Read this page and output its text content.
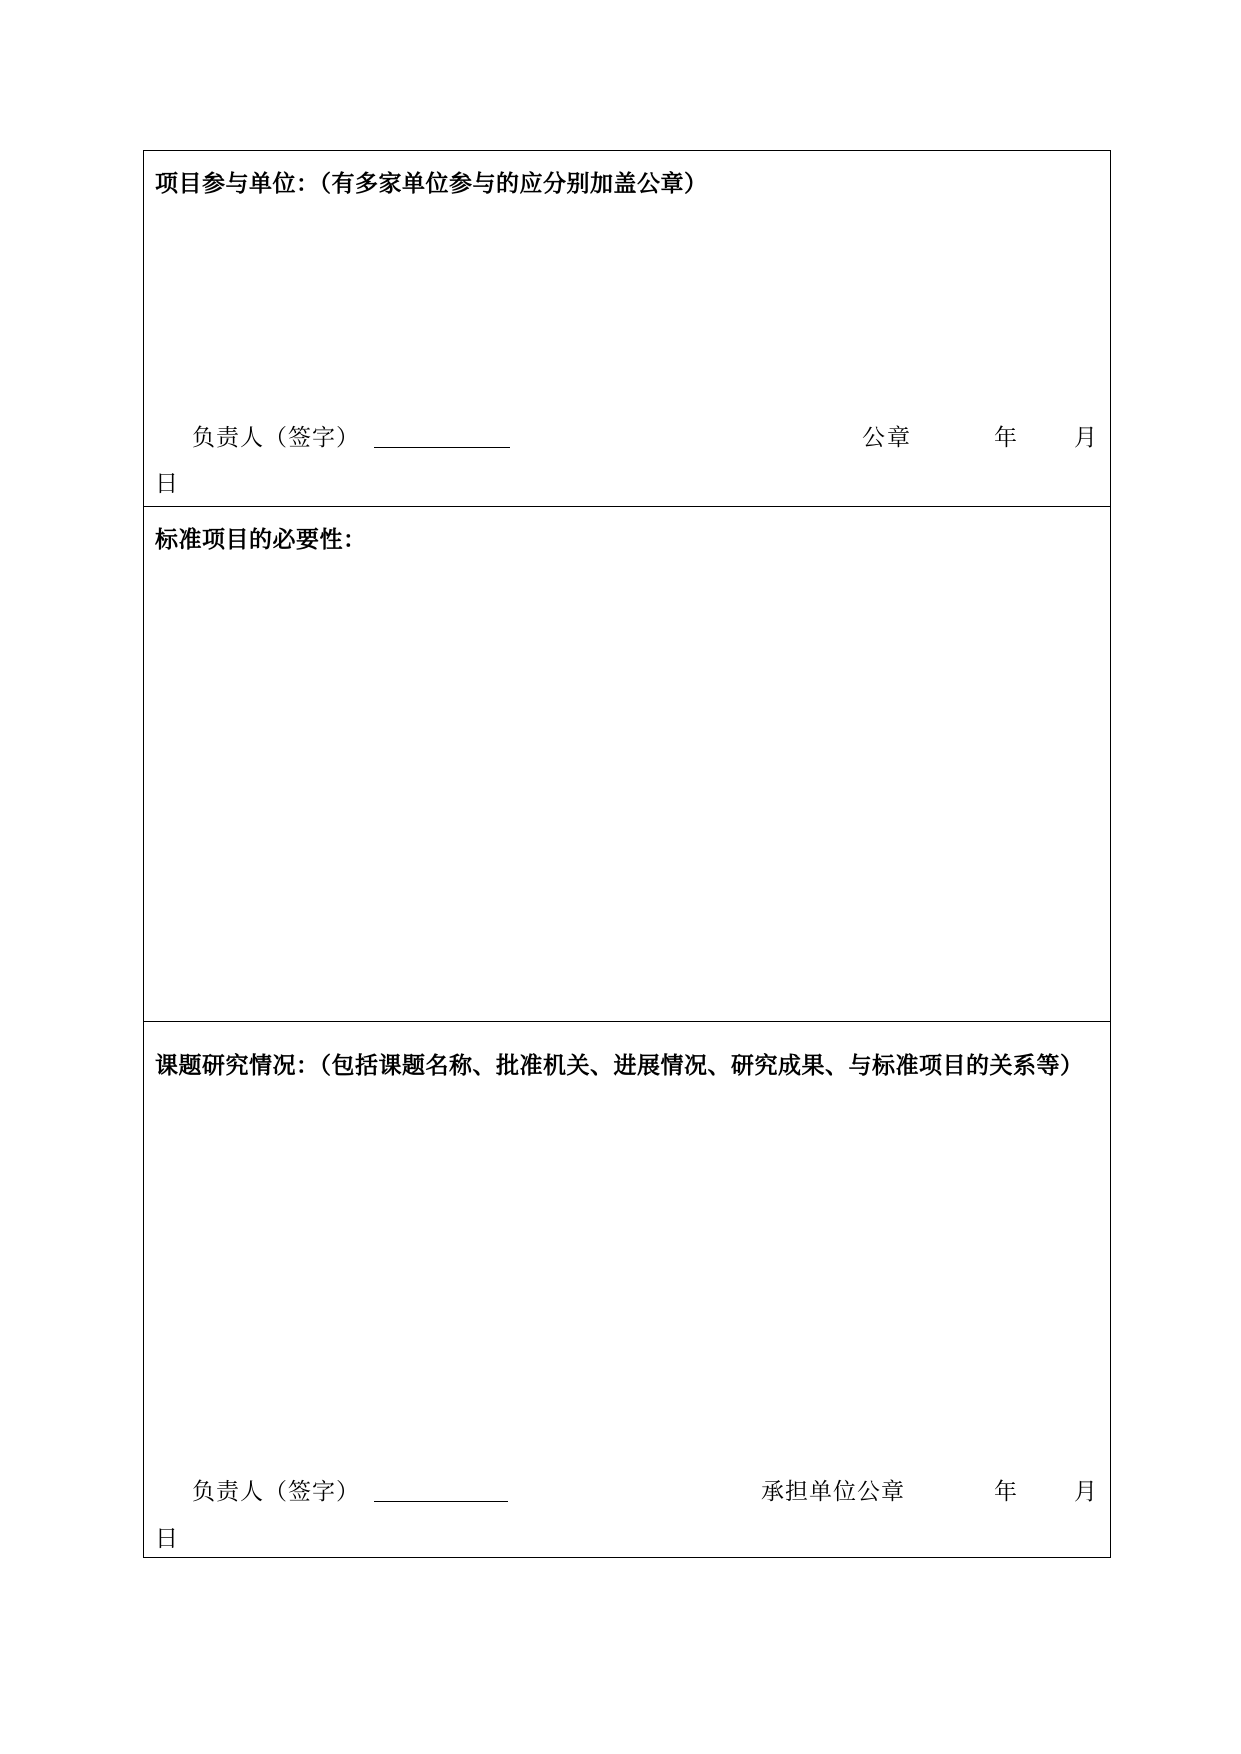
项目参与单位：（有多家单位参与的应分别加盖公章）
负责人（签字）	公章	年 月
日
标准项目的必要性：
课题研究情况：（包括课题名称、批准机关、进展情况、研究成果、与标准项目的关系等）
负责人（签字）	承担单位公章	年 月
日
